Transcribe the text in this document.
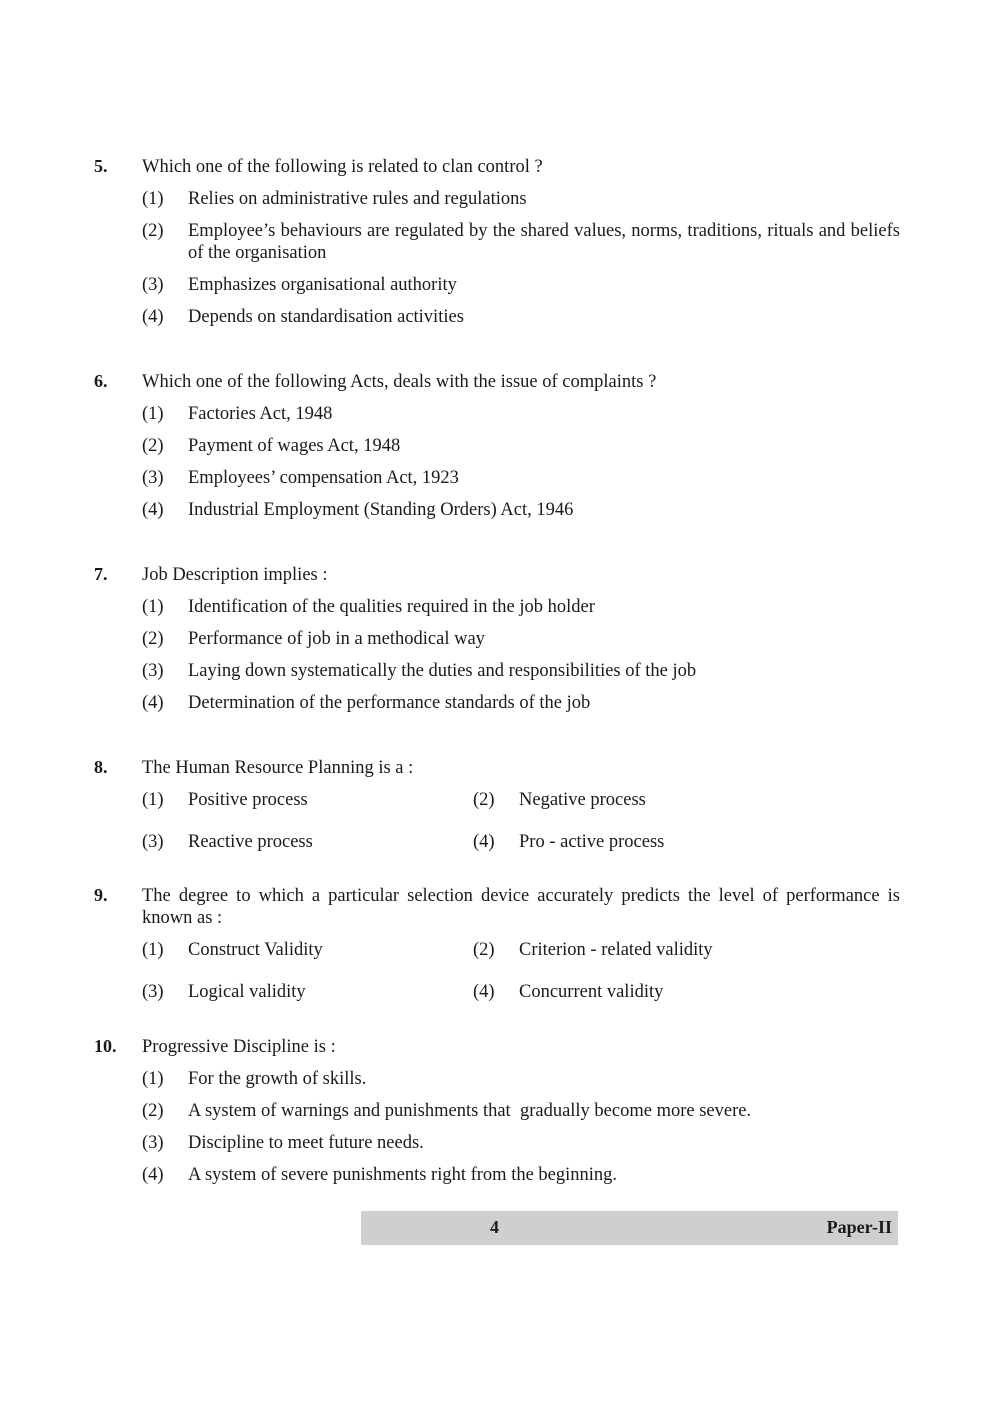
5. Which one of the following is related to clan control ?
(1) Relies on administrative rules and regulations
(2) Employee’s behaviours are regulated by the shared values, norms, traditions, rituals and beliefs of the organisation
(3) Emphasizes organisational authority
(4) Depends on standardisation activities
6. Which one of the following Acts, deals with the issue of complaints ?
(1) Factories Act, 1948
(2) Payment of wages Act, 1948
(3) Employees’ compensation Act, 1923
(4) Industrial Employment (Standing Orders) Act, 1946
7. Job Description implies :
(1) Identification of the qualities required in the job holder
(2) Performance of job in a methodical way
(3) Laying down systematically the duties and responsibilities of the job
(4) Determination of the performance standards of the job
8. The Human Resource Planning is a :
(1) Positive process	(2) Negative process
(3) Reactive process	(4) Pro - active process
9. The degree to which a particular selection device accurately predicts the level of performance is known as :
(1) Construct Validity	(2) Criterion - related validity
(3) Logical validity	(4) Concurrent validity
10. Progressive Discipline is :
(1) For the growth of skills.
(2) A system of warnings and punishments that  gradually become more severe.
(3) Discipline to meet future needs.
(4) A system of severe punishments right from the beginning.
4	Paper-II
